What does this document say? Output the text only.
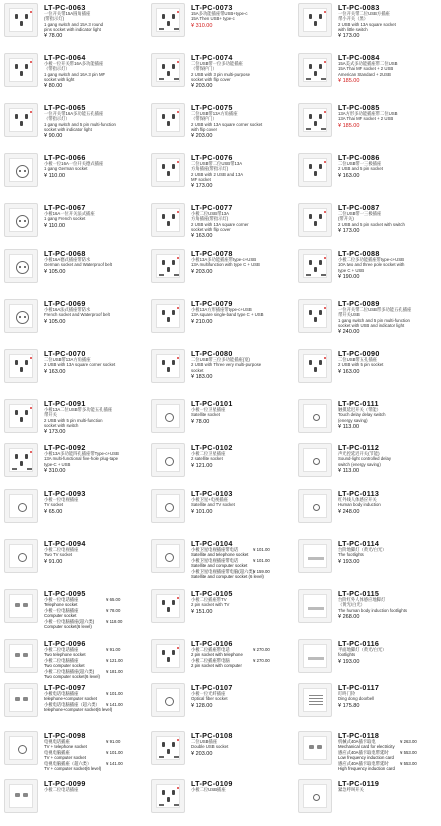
LT-PC-0063
一位开关带15A圆角插座
(带指示灯)
1 gang switch and 15A 3 round
pins socket with indicator light
¥ 78.00
LT-PC-0073
15A多功能插座带USB+type-c
15A Then USB+ type-c
¥ 310.00
LT-PC-0083
一位开关带二位USB方插座
带小开关（黑）
2 USB with 13A square socket
with little switch
¥ 173.00
LT-PC-0064
小板一位开关带16A多功能插座
（带指示灯）
1 gang switch and 16A 3 pin MF
socket with light
¥ 80.00
LT-PC-0074
二位USB带一位多功能插座
（带保护门）
2 USB with 3 pin multi-purpose
socket with flip cover
¥ 203.00
LT-PC-0084
15A美式多功能插座带二位USB
15A Thai MF socket + 2 USB
American Standard + 2USB
¥ 185.00
LT-PC-0065
一位开关带16A多功能五孔插座
（带指示灯）
1 gang switch and 5 pin multi-function
socket with indicator light
¥ 90.00
LT-PC-0075
二位USB带13A方角插座
（带保护门）
2 USB with 13A square corner socket
with flip cover
¥ 203.00
LT-PC-0085
13A方形多功能插座带二位USB
13A Thai MF socket + 2 USB
¥ 185.00
LT-PC-0066
小板一位16A一位开关德式插座
1 gang German socket
¥ 110.00
LT-PC-0076
二位USB带二位USB带13A
方角插座(带指示灯)
2 USB with 2 USB and 13A
MF socket
¥ 173.00
LT-PC-0086
二位USB带一三极插座
2 USB and 5 pin socket
¥ 163.00
LT-PC-0067
小板16A一位开关法式插座
1 gang French socket
¥ 110.00
LT-PC-0077
小板二位USB带13A
方角插座(带指示灯)
2 USB with 13A square corner
socket with flip cover
¥ 163.00
LT-PC-0087
二位USB带一三极插座
(带开关)
2 USB and 5 pin socket with switch
¥ 173.00
LT-PC-0068
小板16A德式插座带防水
German socket and Waterproof belt
¥ 105.00
LT-PC-0078
小板13A多功能插座带type-c+USB
13A multifunction with type C + USB
¥ 203.00
LT-PC-0088
小板二位多功能插座带type-c+USB
10A two and three pole socket with
type C + USB
¥ 190.00
LT-PC-0069
小板16A法式插座带防水
French socket and Waterproof belt
¥ 105.00
LT-PC-0079
小板13A方形插座带type-c+USB
13A square single-band type C + USB
¥ 210.00
LT-PC-0089
一位开关带二位USB带多功能五孔插座
带开关USB
1 gang switch and 5 pin multi-function
socket with USB and indicator light
¥ 240.00
LT-PC-0070
二位USB带13A方角插座
2 USB with 13A square corner socket
¥ 163.00
LT-PC-0080
二位USB带三位多功能插座(宽)
2 USB with Three very multi-purpose
socket
¥ 183.00
LT-PC-0090
二位USB带五孔插座
2 USB with 5 pin socket
¥ 163.00
LT-PC-0091
小板13A二位USB带多功能五孔插座
带开关
2 USB with 5 pin multi-function
socket with switch
¥ 173.00
LT-PC-0101
小板一位卫星插座
Satellite socket
¥ 78.00
LT-PC-0111
触摸延迟开关（带能）
Touch delay delay switch
(energy saving)
¥ 113.00
LT-PC-0092
小板13A多功能四孔插座带Type-c+USB
13A multi-functional five-hole plug-tape
type-C + USB
¥ 310.00
LT-PC-0102
小板二位卫星插座
2 satellite socket
¥ 121.00
LT-PC-0112
声光控延迟开关(节能)
Sound-light controlled delay
switch (energy saving)
¥ 113.00
LT-PC-0093
小板一位电视插座
TV socket
¥ 65.00
LT-PC-0103
小板卫星+电视插座
Satellite and TV socket
¥ 101.00
LT-PC-0113
红外线人体感应开关
Human body induction
¥ 248.00
LT-PC-0094
小板二位电视插座
Two TV socket
¥ 91.00
LT-PC-0104
小板卫星电视插座带电话	¥ 101.00
Satellite and telephone socket
小板卫星电视插座带电话	¥ 101.00
Satellite and computer socket
小板卫星电视插座带电脑(超六类)
¥ 159.00
Satellite and computer socket (6 level)
LT-PC-0114
台阶地脚灯（黄光/白光）
The footlights
¥ 193.00
LT-PC-0095
小板一位电话插座	¥ 65.00
Telephone socket
小板一位电脑插座	¥ 78.00
Computer socket
小板一位电脑插座(超六类)	¥ 118.00
Computer socket(6 level)
LT-PC-0105
小板二位插座带TV
2 pin socket with TV
¥ 151.00
LT-PC-0115
台阶红外人体感应地脚灯
（黄光/白光）
The human body induction footlights
¥ 268.00
LT-PC-0096
小板二位电话插座	¥ 91.00
Two telephone socket
小板二位电脑插座	¥ 121.00
Two computer socket
小板二位电脑插座(超六类)	¥ 181.00
Two computer socket(6 level)
LT-PC-0106
小板二位插座带电话	¥ 270.00
2 pin socket with telephone
小板二位插座带电脑	¥ 270.00
2 pin socket with computer
LT-PC-0116
平面地脚灯（黄光/白光）
footlights
¥ 193.00
LT-PC-0097
小板电话电脑插座	¥ 101.00
telephone+computer socket
小板电话电脑插座（超六类） ¥ 141.00
telephone+computer socket(6 level)
LT-PC-0107
小板一位光纤插座
Optical fiber socket
¥ 128.00
LT-PC-0117
叮咚门铃
Ding dong doorbell
¥ 175.80
LT-PC-0098
电视电话插座	¥ 91.00
TV + telephone socket
电视电脑插座	¥ 101.00
TV + computer socket
电视电脑插座（超六类）	¥ 141.00
TV + computer socket(6 level)
LT-PC-0108
二位USB插座
Double USB socket
¥ 203.00
LT-PC-0118
机械式40A插卡取电	¥ 263.00
Mechanical card for electricity
感应式40A插卡取电带延时	¥ 553.00
Low frequency induction card
感应式40A插卡取电带延时	¥ 553.00
High frequency induction card
LT-PC-0099
小板二位电话插座
LT-PC-0109
小板二位USB插座
LT-PC-0119
紧急呼叫开关
